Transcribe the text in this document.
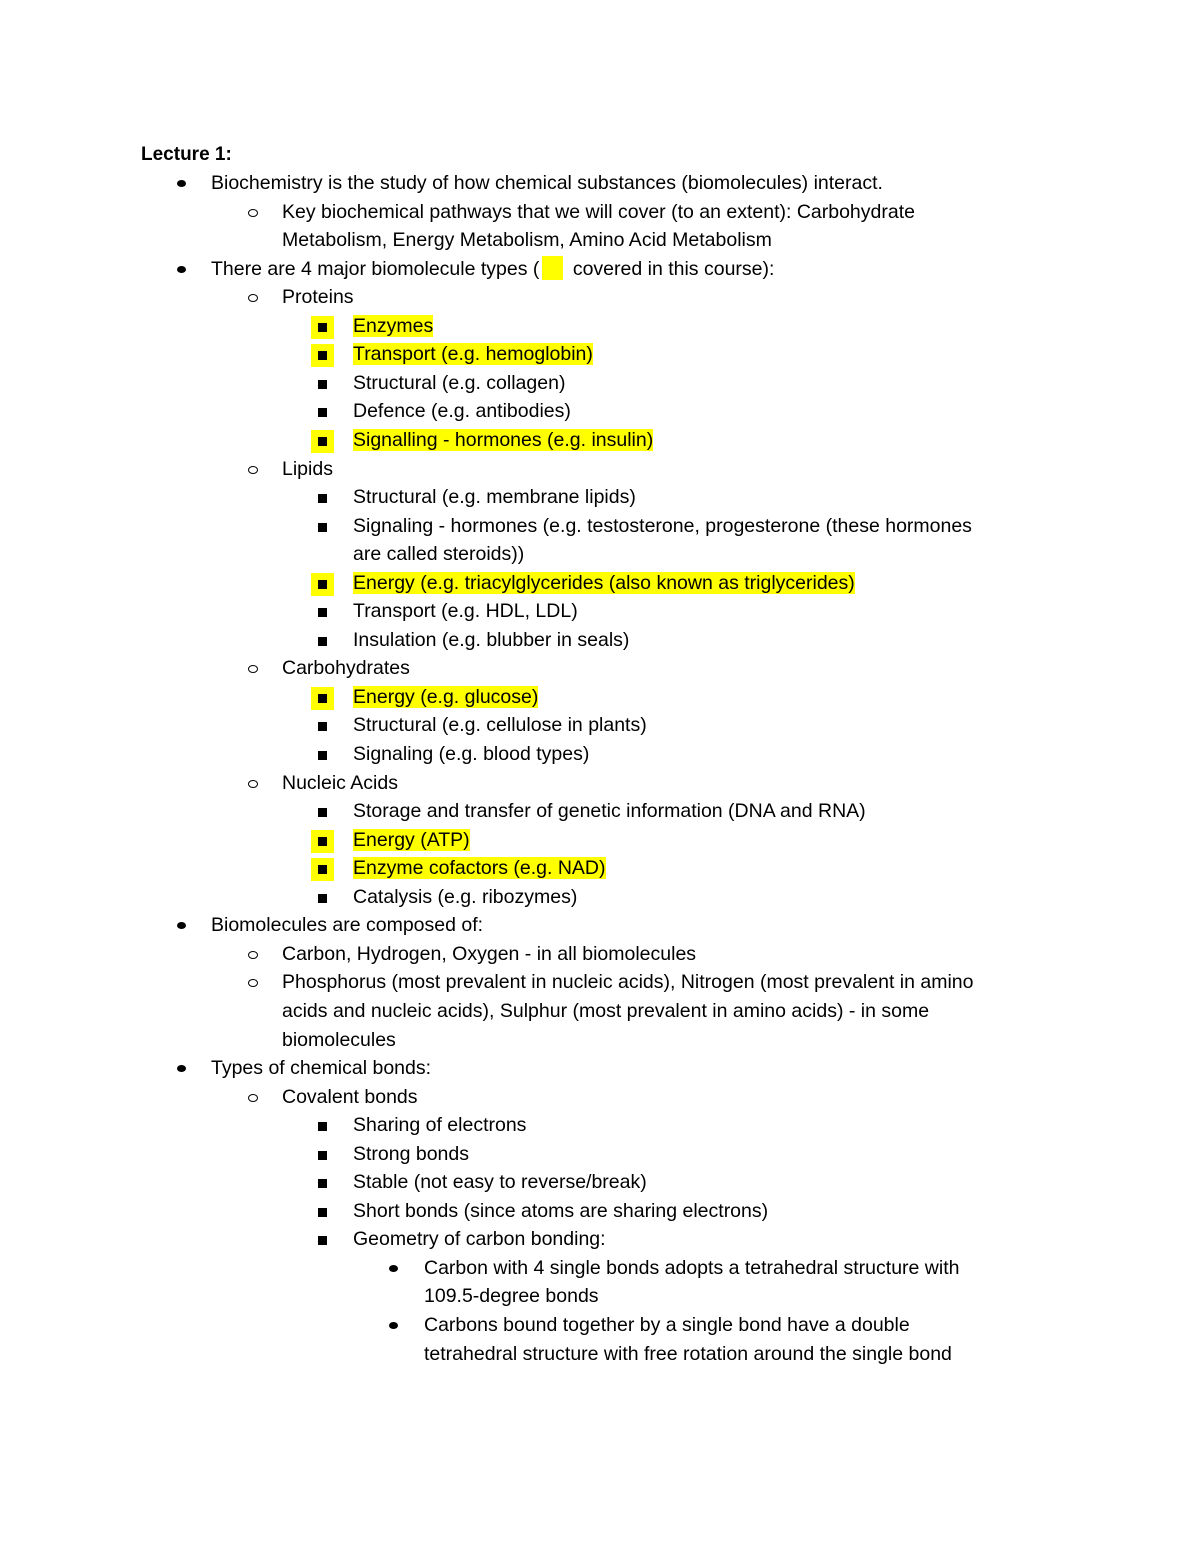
Lecture 1:
Biochemistry is the study of how chemical substances (biomolecules) interact.
Key biochemical pathways that we will cover (to an extent): Carbohydrate
Metabolism, Energy Metabolism, Amino Acid Metabolism
There are 4 major biomolecule types ( covered in this course):
Proteins
Enzymes
Transport (e.g. hemoglobin)
Structural (e.g. collagen)
Defence (e.g. antibodies)
Signalling - hormones (e.g. insulin)
Lipids
Structural (e.g. membrane lipids)
Signaling - hormones (e.g. testosterone, progesterone (these hormones
are called steroids))
Energy (e.g. triacylglycerides (also known as triglycerides)
Transport (e.g. HDL, LDL)
Insulation (e.g. blubber in seals)
Carbohydrates
Energy (e.g. glucose)
Structural (e.g. cellulose in plants)
Signaling (e.g. blood types)
Nucleic Acids
Storage and transfer of genetic information (DNA and RNA)
Energy (ATP)
Enzyme cofactors (e.g. NAD)
Catalysis (e.g. ribozymes)
Biomolecules are composed of:
Carbon, Hydrogen, Oxygen - in all biomolecules
Phosphorus (most prevalent in nucleic acids), Nitrogen (most prevalent in amino
acids and nucleic acids), Sulphur (most prevalent in amino acids) - in some
biomolecules
Types of chemical bonds:
Covalent bonds
Sharing of electrons
Strong bonds
Stable (not easy to reverse/break)
Short bonds (since atoms are sharing electrons)
Geometry of carbon bonding:
Carbon with 4 single bonds adopts a tetrahedral structure with
109.5-degree bonds
Carbons bound together by a single bond have a double
tetrahedral structure with free rotation around the single bond
